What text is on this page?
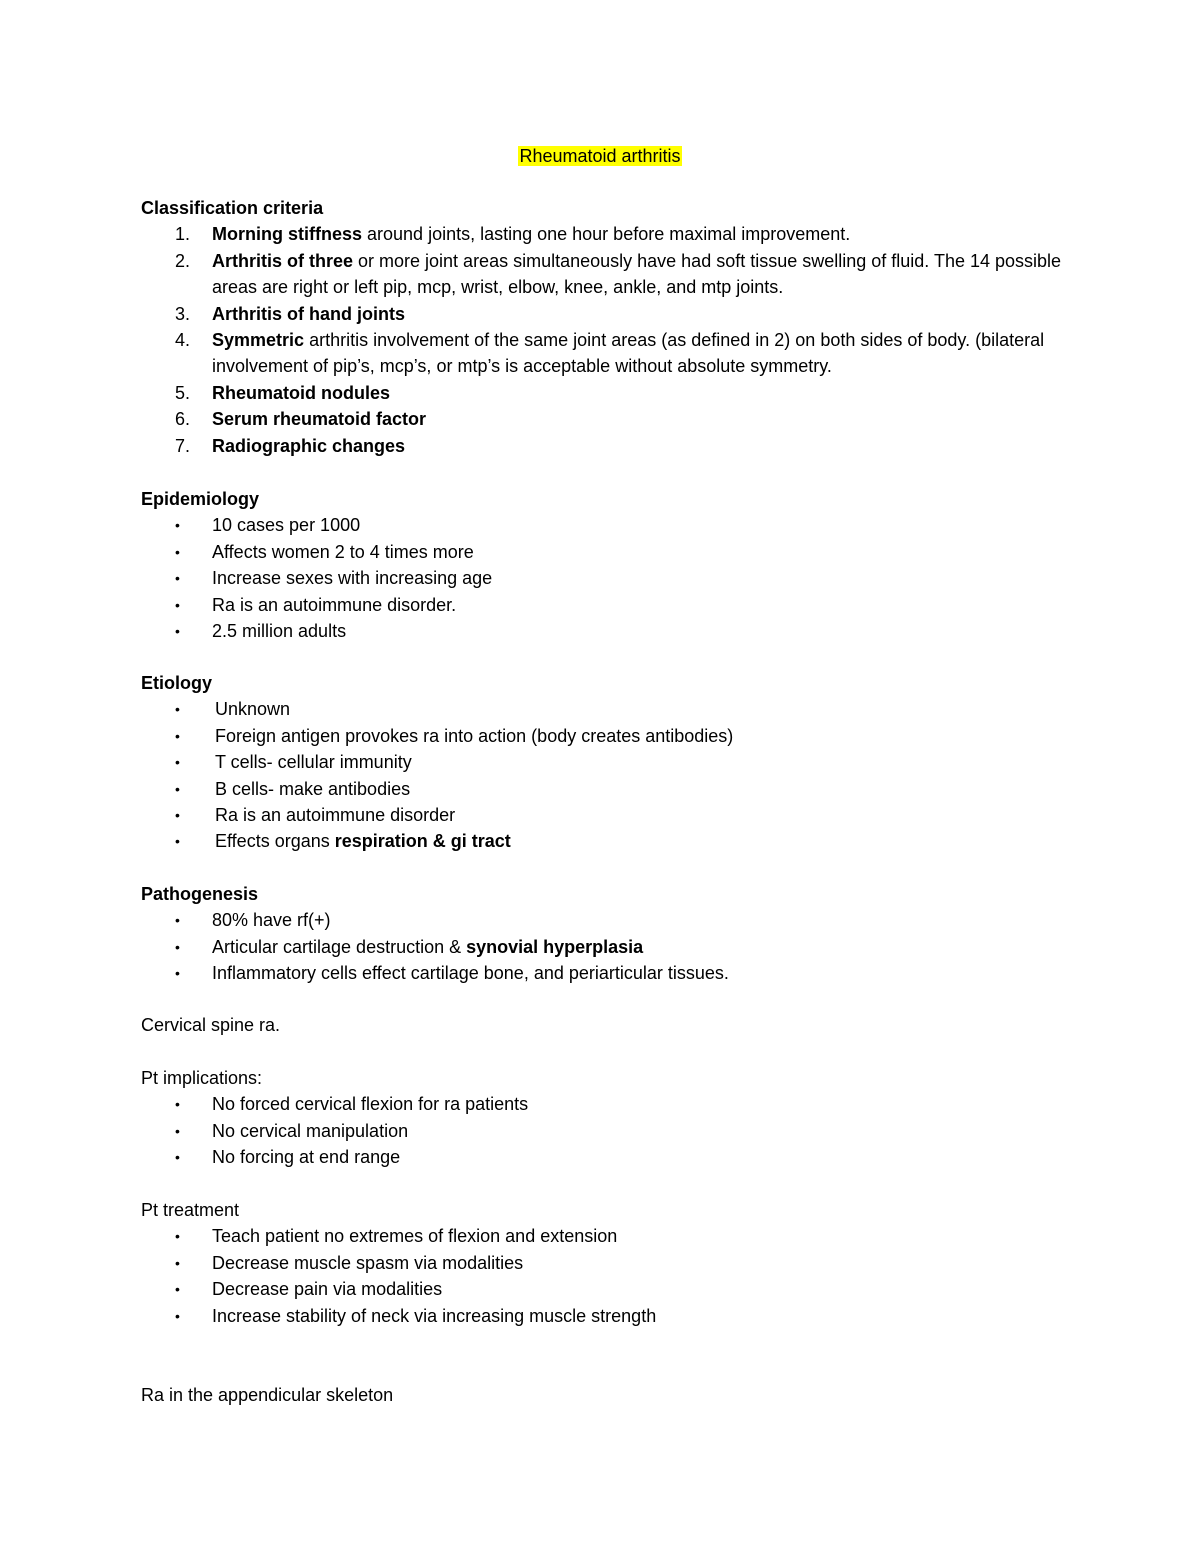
Rheumatoid arthritis
Classification criteria
1. Morning stiffness around joints, lasting one hour before maximal improvement.
2. Arthritis of three or more joint areas simultaneously have had soft tissue swelling of fluid. The 14 possible areas are right or left pip, mcp, wrist, elbow, knee, ankle, and mtp joints.
3. Arthritis of hand joints
4. Symmetric arthritis involvement of the same joint areas (as defined in 2) on both sides of body. (bilateral involvement of pip’s, mcp’s, or mtp’s is acceptable without absolute symmetry.
5. Rheumatoid nodules
6. Serum rheumatoid factor
7. Radiographic changes
Epidemiology
• 10 cases per 1000
• Affects women 2 to 4 times more
• Increase sexes with increasing age
• Ra is an autoimmune disorder.
• 2.5 million adults
Etiology
• Unknown
• Foreign antigen provokes ra into action (body creates antibodies)
• T cells- cellular immunity
• B cells- make antibodies
• Ra is an autoimmune disorder
• Effects organs respiration & gi tract
Pathogenesis
• 80% have rf(+)
• Articular cartilage destruction & synovial hyperplasia
• Inflammatory cells effect cartilage bone, and periarticular tissues.
Cervical spine ra.
Pt implications:
• No forced cervical flexion for ra patients
• No cervical manipulation
• No forcing at end range
Pt treatment
• Teach patient no extremes of flexion and extension
• Decrease muscle spasm via modalities
• Decrease pain via modalities
• Increase stability of neck via increasing muscle strength
Ra in the appendicular skeleton
